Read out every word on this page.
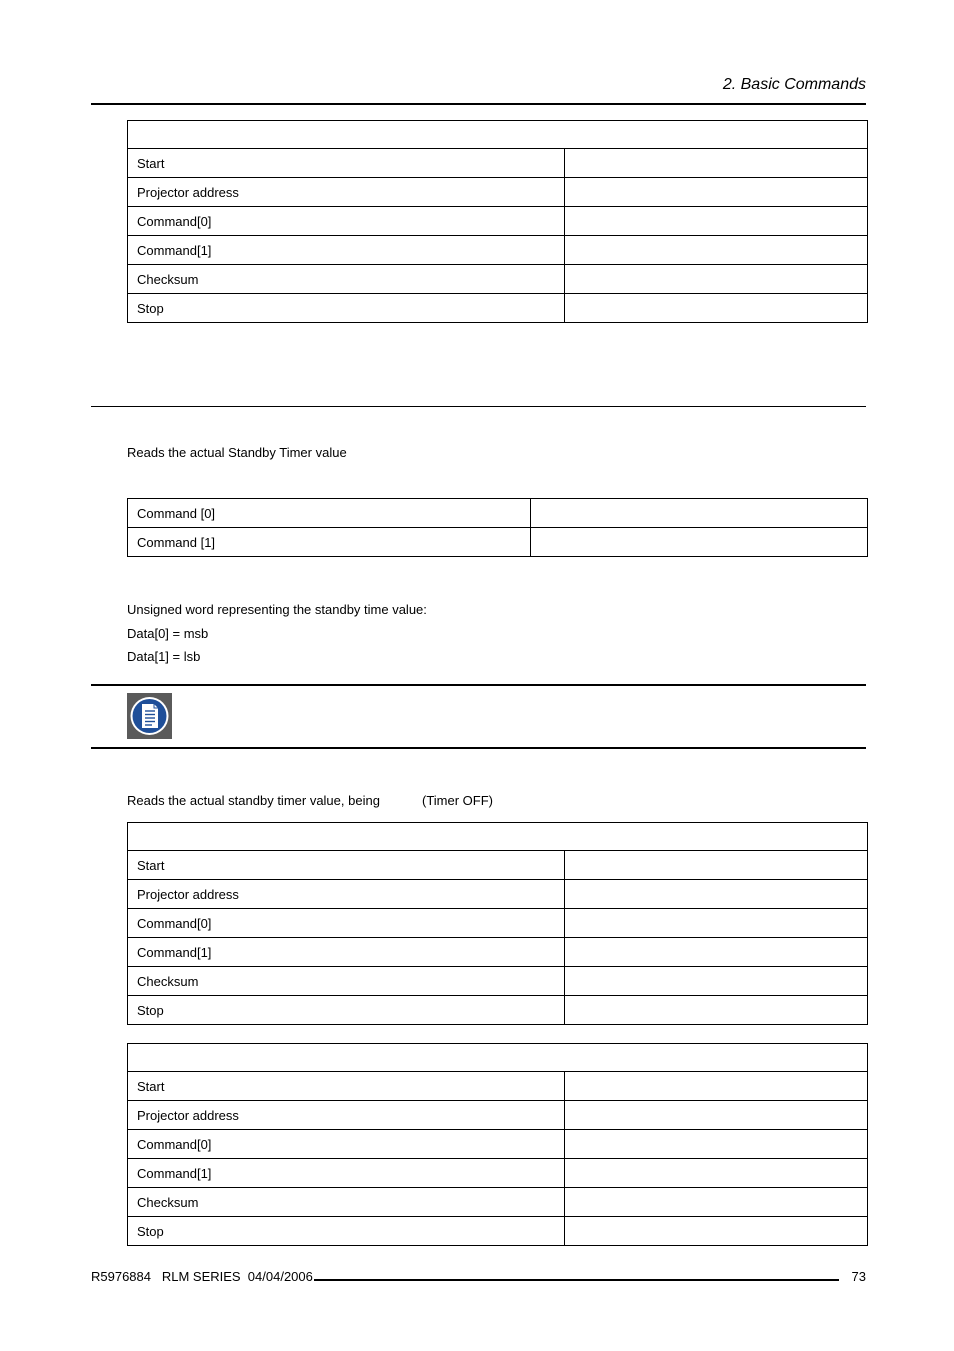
2. Basic Commands

Start	
Projector address	
Command[0]	
Command[1]	
Checksum	
Stop	
Reads the actual Standby Timer value
Command [0]	
Command [1]	
Unsigned word representing the standby time value:
Data[0] = msb
Data[1] = lsb
Reads the actual standby timer value, being	(Timer OFF)

Start	
Projector address	
Command[0]	
Command[1]	
Checksum	
Stop	

Start	
Projector address	
Command[0]	
Command[1]	
Checksum	
Stop	
R5976884   RLM SERIES  04/04/2006	73
